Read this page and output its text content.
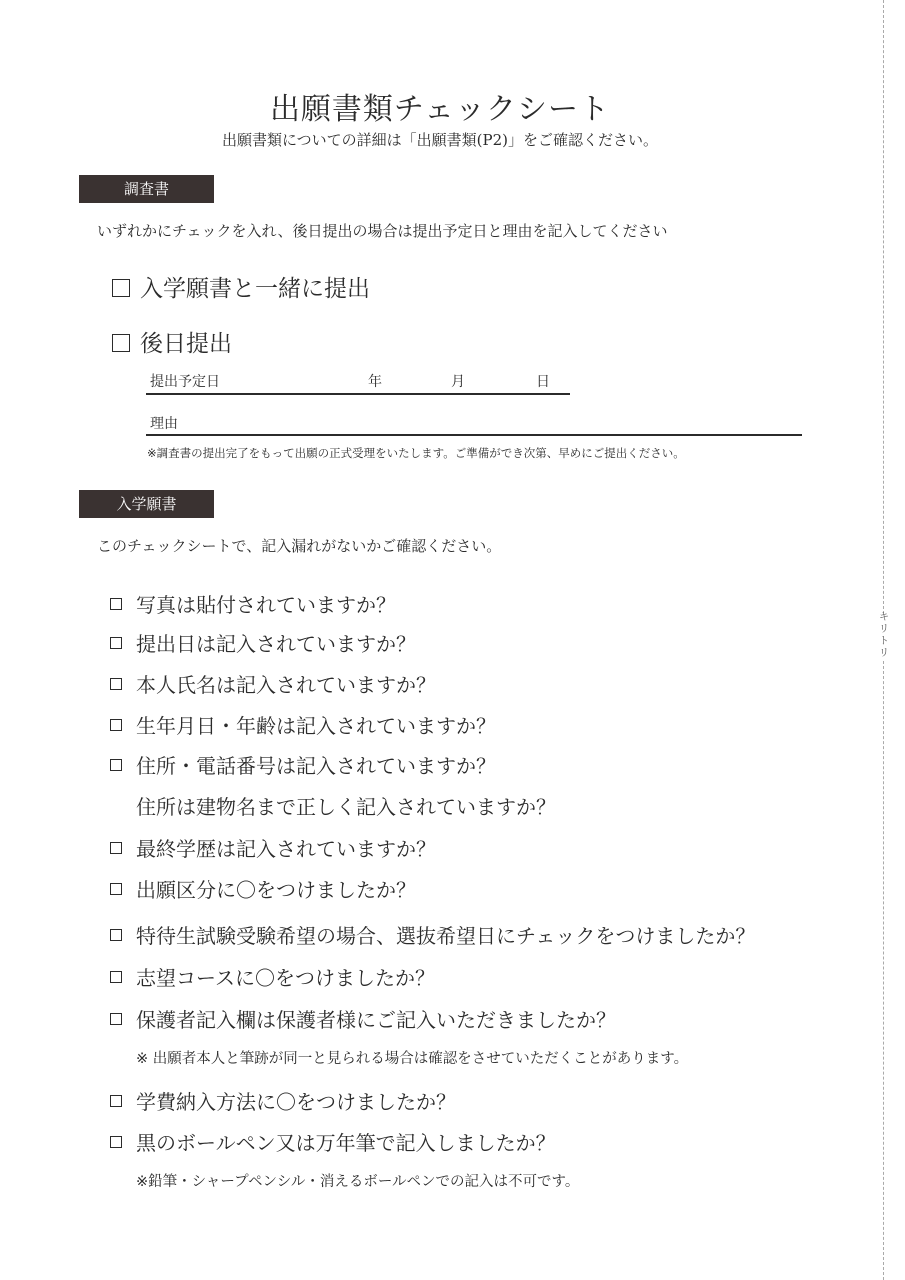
出願書類チェックシート
出願書類についての詳細は「出願書類(P2)」をご確認ください。
調査書
いずれかにチェックを入れ、後日提出の場合は提出予定日と理由を記入してください
入学願書と一緒に提出
後日提出
提出予定日	年	月	日
理由
※調査書の提出完了をもって出願の正式受理をいたします。ご準備ができ次第、早めにご提出ください。
入学願書
このチェックシートで、記入漏れがないかご確認ください。
写真は貼付されていますか？
提出日は記入されていますか？
本人氏名は記入されていますか？
生年月日・年齢は記入されていますか？
住所・電話番号は記入されていますか？
住所は建物名まで正しく記入されていますか？
最終学歴は記入されていますか？
出願区分に〇をつけましたか？
特待生試験受験希望の場合、選抜希望日にチェックをつけましたか？
志望コースに〇をつけましたか？
保護者記入欄は保護者様にご記入いただきましたか？
※ 出願者本人と筆跡が同一と見られる場合は確認をさせていただくことがあります。
学費納入方法に〇をつけましたか？
黒のボールペン又は万年筆で記入しましたか？
※鉛筆・シャープペンシル・消えるボールペンでの記入は不可です。
キリトリ
